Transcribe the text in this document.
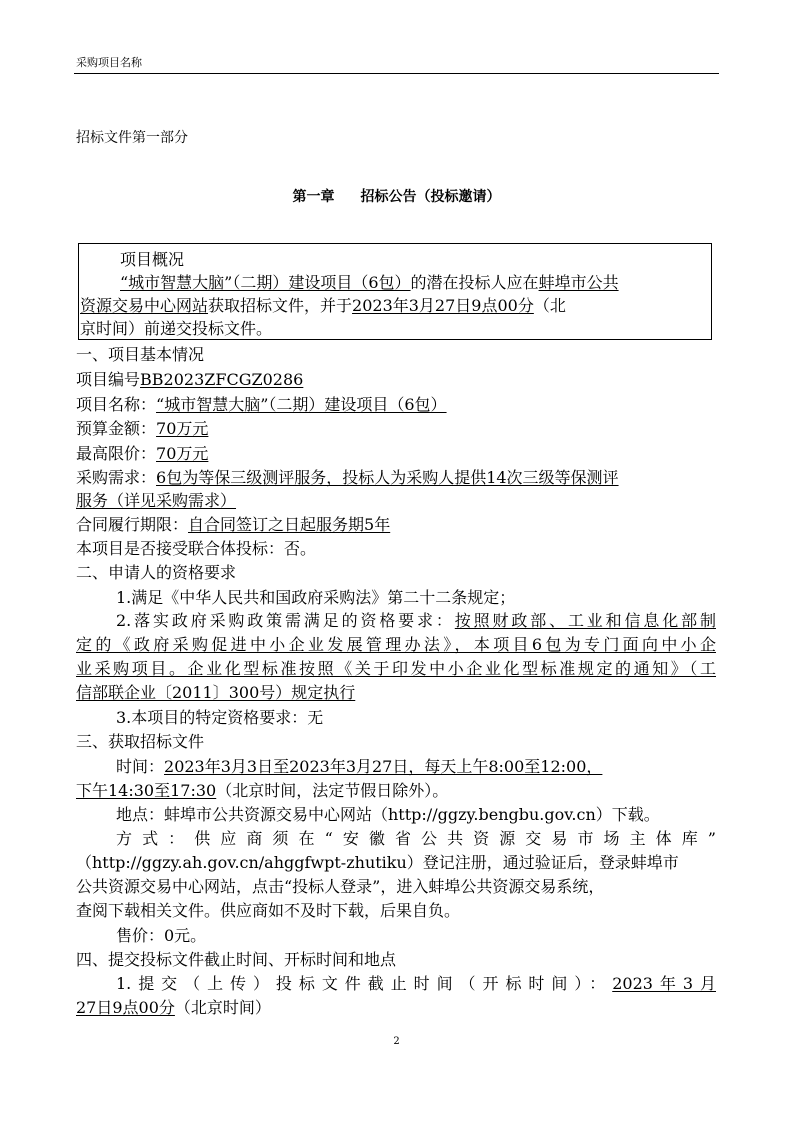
采购项目名称
招标文件第一部分
第一章 招标公告（投标邀请）
项目概况
“城市智慧大脑”（二期）建设项目（6包）的潜在投标人应在蚌埠市公共
资源交易中心网站获取招标文件，并于2023年3月27日9点00分（北
京时间）前递交投标文件。
一、项目基本情况
项目编号BB2023ZFCGZ0286
项目名称：“城市智慧大脑”（二期）建设项目（6包）
预算金额：70万元
最高限价：70万元
采购需求：6包为等保三级测评服务，投标人为采购人提供14次三级等保测评
服务（详见采购需求）
合同履行期限：自合同签订之日起服务期5年
本项目是否接受联合体投标：否。
二、申请人的资格要求
1.满足《中华人民共和国政府采购法》第二十二条规定；
2.落实政府采购政策需满足的资格要求：按照财政部、工业和信息化部制
定的《政府采购促进中小企业发展管理办法》，本项目6包为专门面向中小企
业采购项目。企业化型标准按照《关于印发中小企业化型标准规定的通知》（工
信部联企业〔2011〕300号）规定执行
3.本项目的特定资格要求：无
三、获取招标文件
时间：2023年3月3日至2023年3月27日，每天上午8:00至12:00，
下午14:30至17:30（北京时间，法定节假日除外）。
地点：蚌埠市公共资源交易中心网站（http://ggzy.bengbu.gov.cn）下载。
方式：供应商须在“安徽省公共资源交易市场主体库”
（http://ggzy.ah.gov.cn/ahggfwpt-zhutiku）登记注册，通过验证后，登录蚌埠市
公共资源交易中心网站，点击“投标人登录”，进入蚌埠公共资源交易系统，
查阅下载相关文件。供应商如不及时下载，后果自负。
售价：0元。
四、提交投标文件截止时间、开标时间和地点
1.提交（上传）投标文件截止时间（开标时间）：2023年3月
27日9点00分（北京时间）
2
